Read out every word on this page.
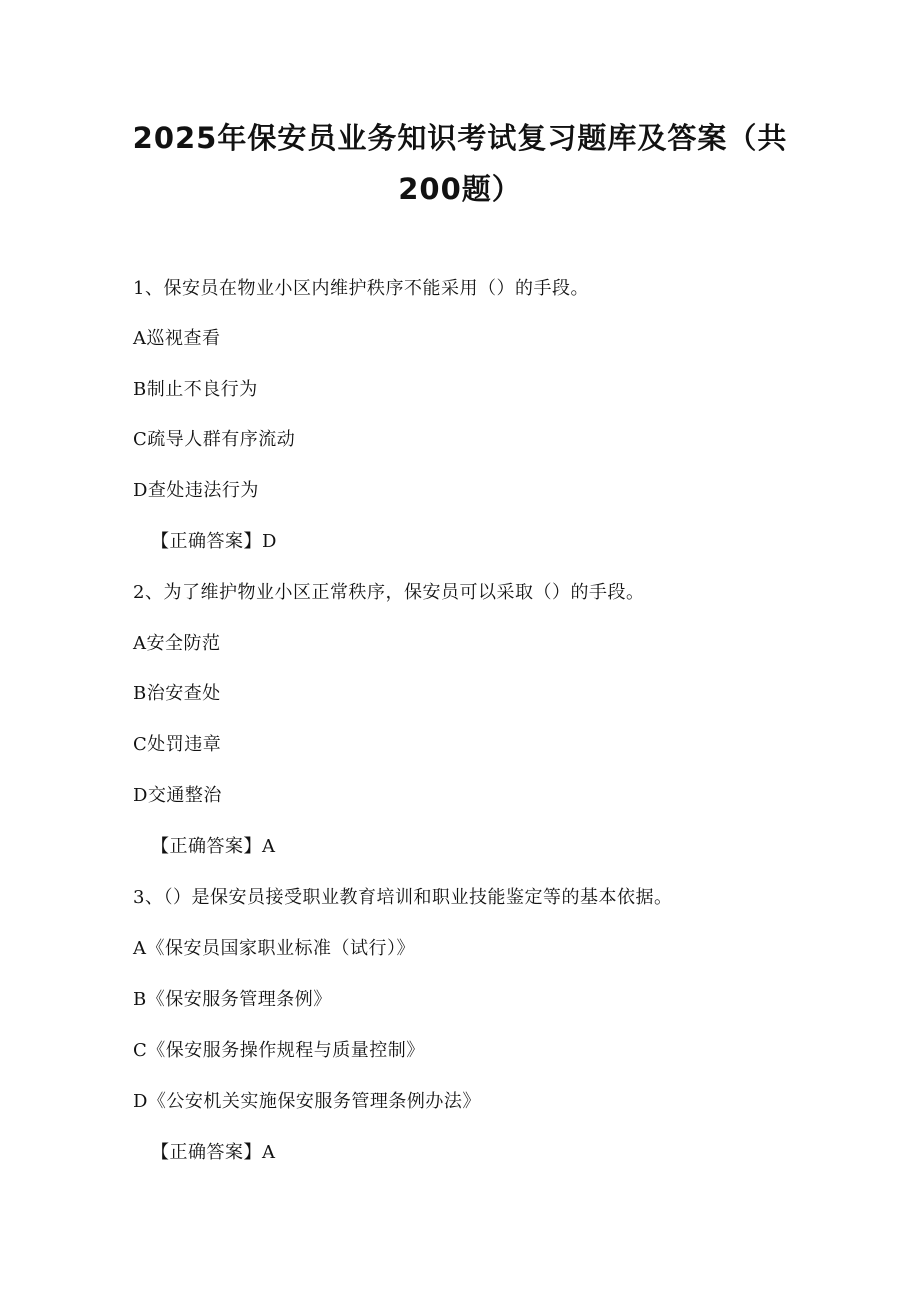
2025年保安员业务知识考试复习题库及答案（共
200题）
1、保安员在物业小区内维护秩序不能采用（）的手段。
A巡视查看
B制止不良行为
C疏导人群有序流动
D查处违法行为
【正确答案】D
2、为了维护物业小区正常秩序，保安员可以采取（）的手段。
A安全防范
B治安查处
C处罚违章
D交通整治
【正确答案】A
3、（）是保安员接受职业教育培训和职业技能鉴定等的基本依据。
A《保安员国家职业标准（试行）》
B《保安服务管理条例》
C《保安服务操作规程与质量控制》
D《公安机关实施保安服务管理条例办法》
【正确答案】A
